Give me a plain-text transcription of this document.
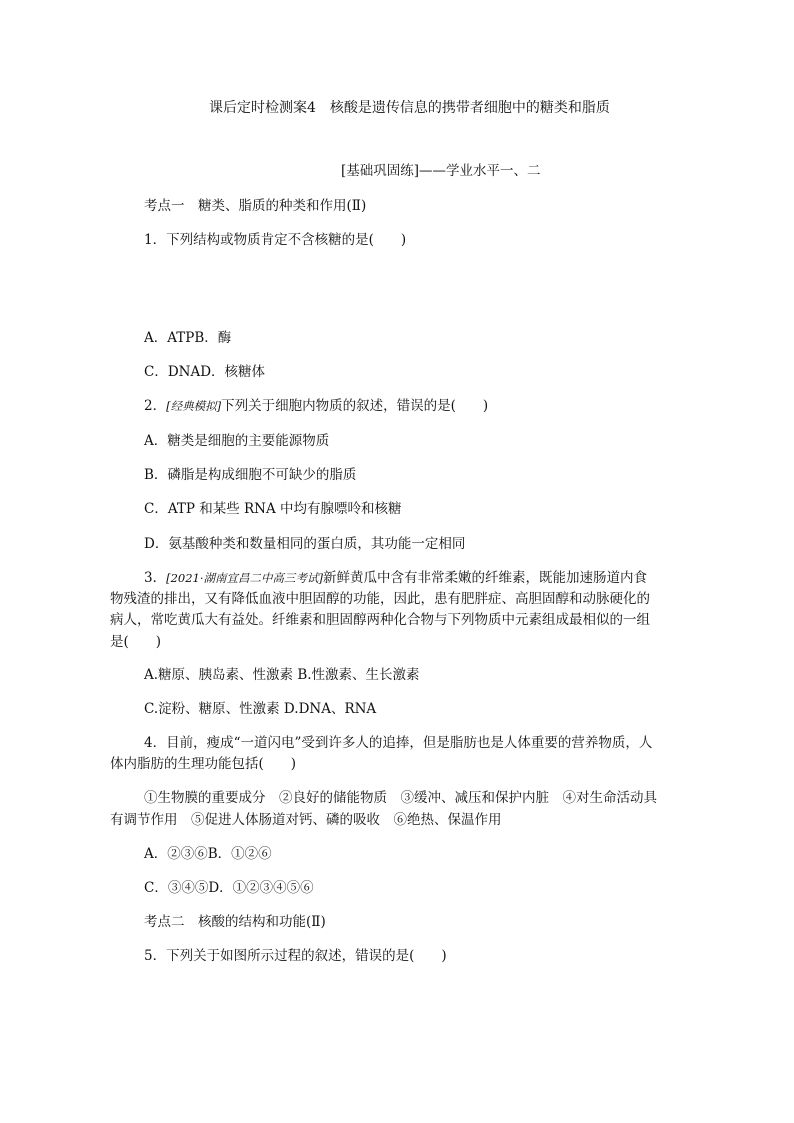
课后定时检测案4　核酸是遗传信息的携带者细胞中的糖类和脂质
[基础巩固练]——学业水平一、二
考点一　糖类、脂质的种类和作用(Ⅱ)
1．下列结构或物质肯定不含核糖的是(　　)
A．ATPB．酶
C．DNAD．核糖体
2．[经典模拟]下列关于细胞内物质的叙述，错误的是(　　)
A．糖类是细胞的主要能源物质
B．磷脂是构成细胞不可缺少的脂质
C．ATP 和某些 RNA 中均有腺嘌呤和核糖
D．氨基酸种类和数量相同的蛋白质，其功能一定相同
3．[2021·湖南宜昌二中高三考试]新鲜黄瓜中含有非常柔嫩的纤维素，既能加速肠道内食
物残渣的排出，又有降低血液中胆固醇的功能，因此，患有肥胖症、高胆固醇和动脉硬化的
病人，常吃黄瓜大有益处。纤维素和胆固醇两种化合物与下列物质中元素组成最相似的一组
是(　　)
A.糖原、胰岛素、性激素 B.性激素、生长激素
C.淀粉、糖原、性激素 D.DNA、RNA
4．目前，瘦成“一道闪电”受到许多人的追捧，但是脂肪也是人体重要的营养物质，人
体内脂肪的生理功能包括(　　)
①生物膜的重要成分　②良好的储能物质　③缓冲、减压和保护内脏　④对生命活动具
有调节作用　⑤促进人体肠道对钙、磷的吸收　⑥绝热、保温作用
A．②③⑥B．①②⑥
C．③④⑤D．①②③④⑤⑥
考点二　核酸的结构和功能(Ⅱ)
5．下列关于如图所示过程的叙述，错误的是(　　)
